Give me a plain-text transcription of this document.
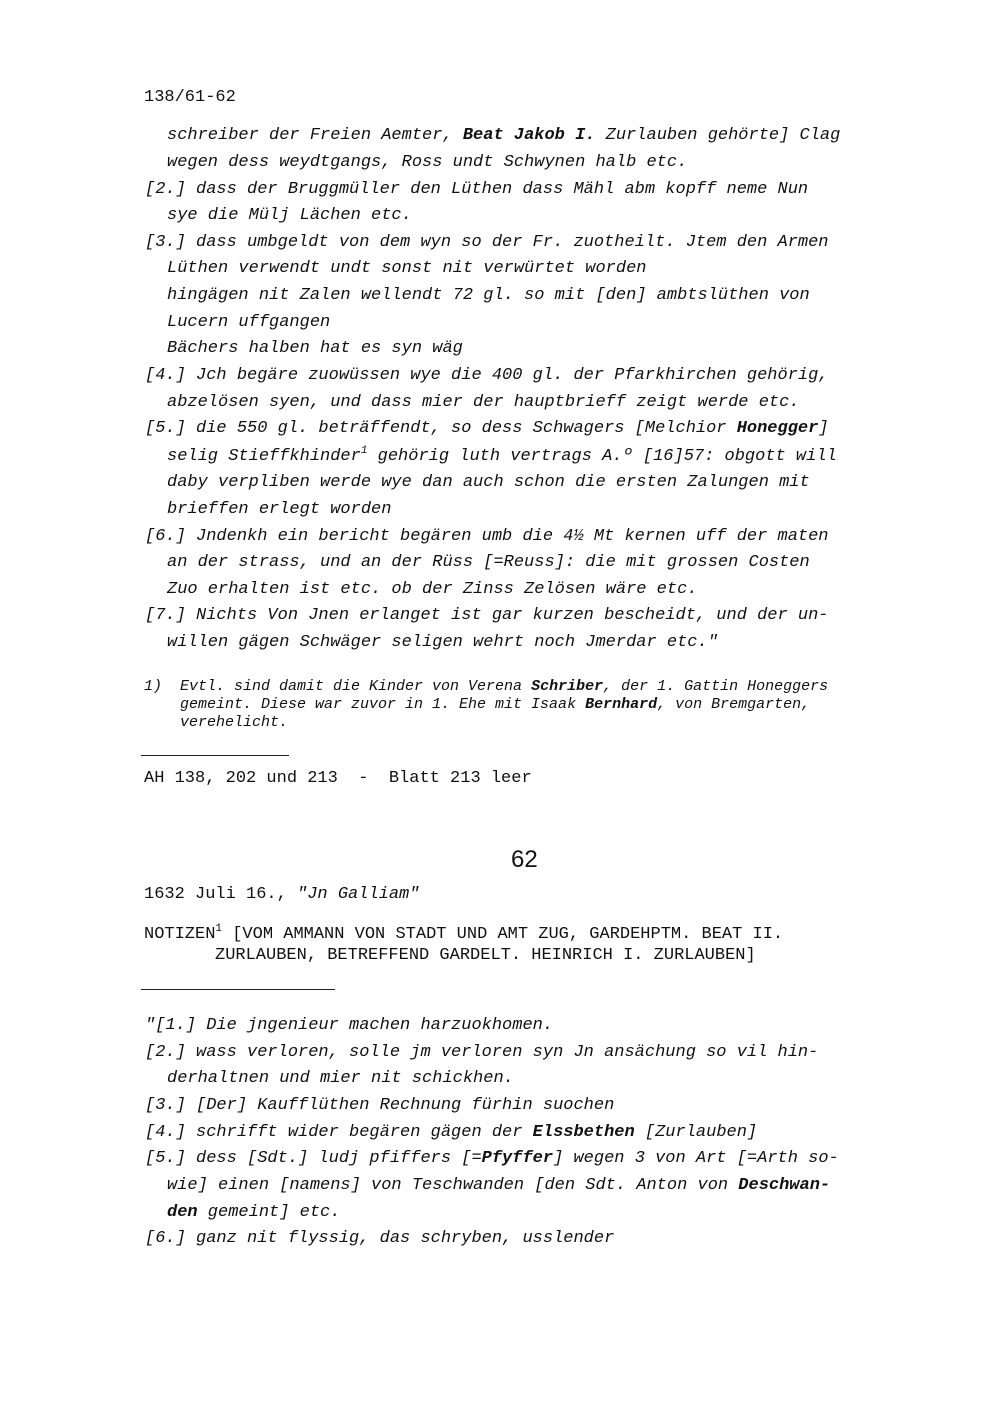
138/61-62
schreiber der Freien Aemter, Beat Jakob I. Zurlauben gehörte] Clag
wegen dess weydtgangs, Ross undt Schwynen halb etc.
[2.] dass der Bruggmüller den Lüthen dass Mähl abm kopff neme Nun
sye die Mülj Lächen etc.
[3.] dass umbgeldt von dem wyn so der Fr. zuotheilt. Jtem den Armen
Lüthen verwendt undt sonst nit verwürtet worden
hingägen nit Zalen wellendt 72 gl. so mit [den] ambtslüthen von
Lucern uffgangen
Bächers halben hat es syn wäg
[4.] Jch begäre zuowüssen wye die 400 gl. der Pfarkhirchen gehörig,
abzelösen syen, und dass mier der hauptbrieff zeigt werde etc.
[5.] die 550 gl. beträffendt, so dess Schwagers [Melchior Honegger]
selig Stieffkhinder$^1$ gehörig luth vertrags A.º [16]57: obgott will
daby verpliben werde wye dan auch schon die ersten Zalungen mit
brieffen erlegt worden
[6.] Jndenkh ein bericht begären umb die 4½ Mt kernen uff der maten
an der strass, und an der Rüss [=Reuss]: die mit grossen Costen
Zuo erhalten ist etc. ob der Zinss Zelösen wäre etc.
[7.] Nichts Von Jnen erlanget ist gar kurzen bescheidt, und der un-
willen gägen Schwäger seligen wehrt noch Jmerdar etc."
1)  Evtl. sind damit die Kinder von Verena Schriber, der 1. Gattin Honeggers
gemeint. Diese war zuvor in 1. Ehe mit Isaak Bernhard, von Bremgarten,
verehelicht.
AH 138, 202 und 213  -  Blatt 213 leer
62
1632 Juli 16., "Jn Galliam"
NOTIZEN$^1$ [VOM AMMANN VON STADT UND AMT ZUG, GARDEHPTM. BEAT II.
ZURLAUBEN, BETREFFEND GARDELT. HEINRICH I. ZURLAUBEN]
"[1.] Die jngenieur machen harzuokhomen.
[2.] wass verloren, solle jm verloren syn Jn ansächung so vil hin-
derhaltnen und mier nit schickhen.
[3.] [Der] Kaufflüthen Rechnung fürhin suochen
[4.] schrifft wider begären gägen der Elssbethen [Zurlauben]
[5.] dess [Sdt.] ludj pfiffers [=Pfyffer] wegen 3 von Art [=Arth so-
wie] einen [namens] von Teschwanden [den Sdt. Anton von Deschwan-
den gemeint] etc.
[6.] ganz nit flyssig, das schryben, usslender
